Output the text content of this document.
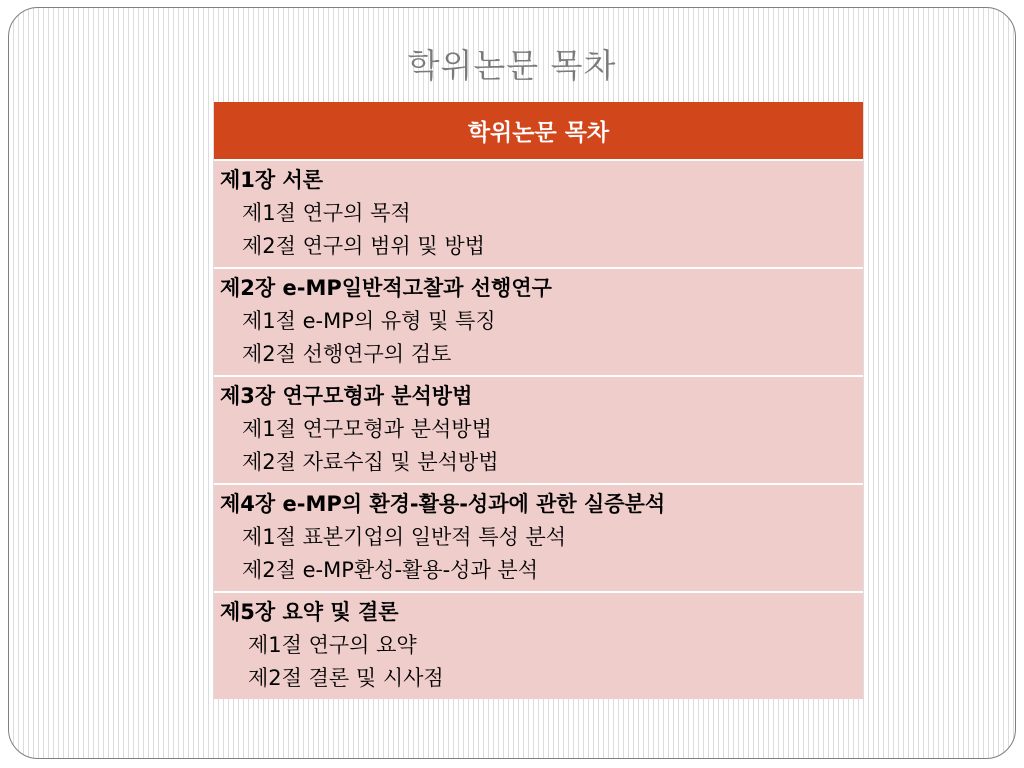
학위논문 목차
학위논문 목차

제1장 서론
제1절 연구의 목적
제2절 연구의 범위 및 방법

제2장 e-MP일반적고찰과 선행연구
제1절 e-MP의 유형 및 특징
제2절 선행연구의 검토

제3장 연구모형과 분석방법
제1절 연구모형과 분석방법
제2절 자료수집 및 분석방법

제4장 e-MP의 환경-활용-성과에 관한 실증분석
제1절 표본기업의 일반적 특성 분석
제2절 e-MP환성-활용-성과 분석

제5장 요약 및 결론
제1절 연구의 요약
제2절 결론 및 시사점
